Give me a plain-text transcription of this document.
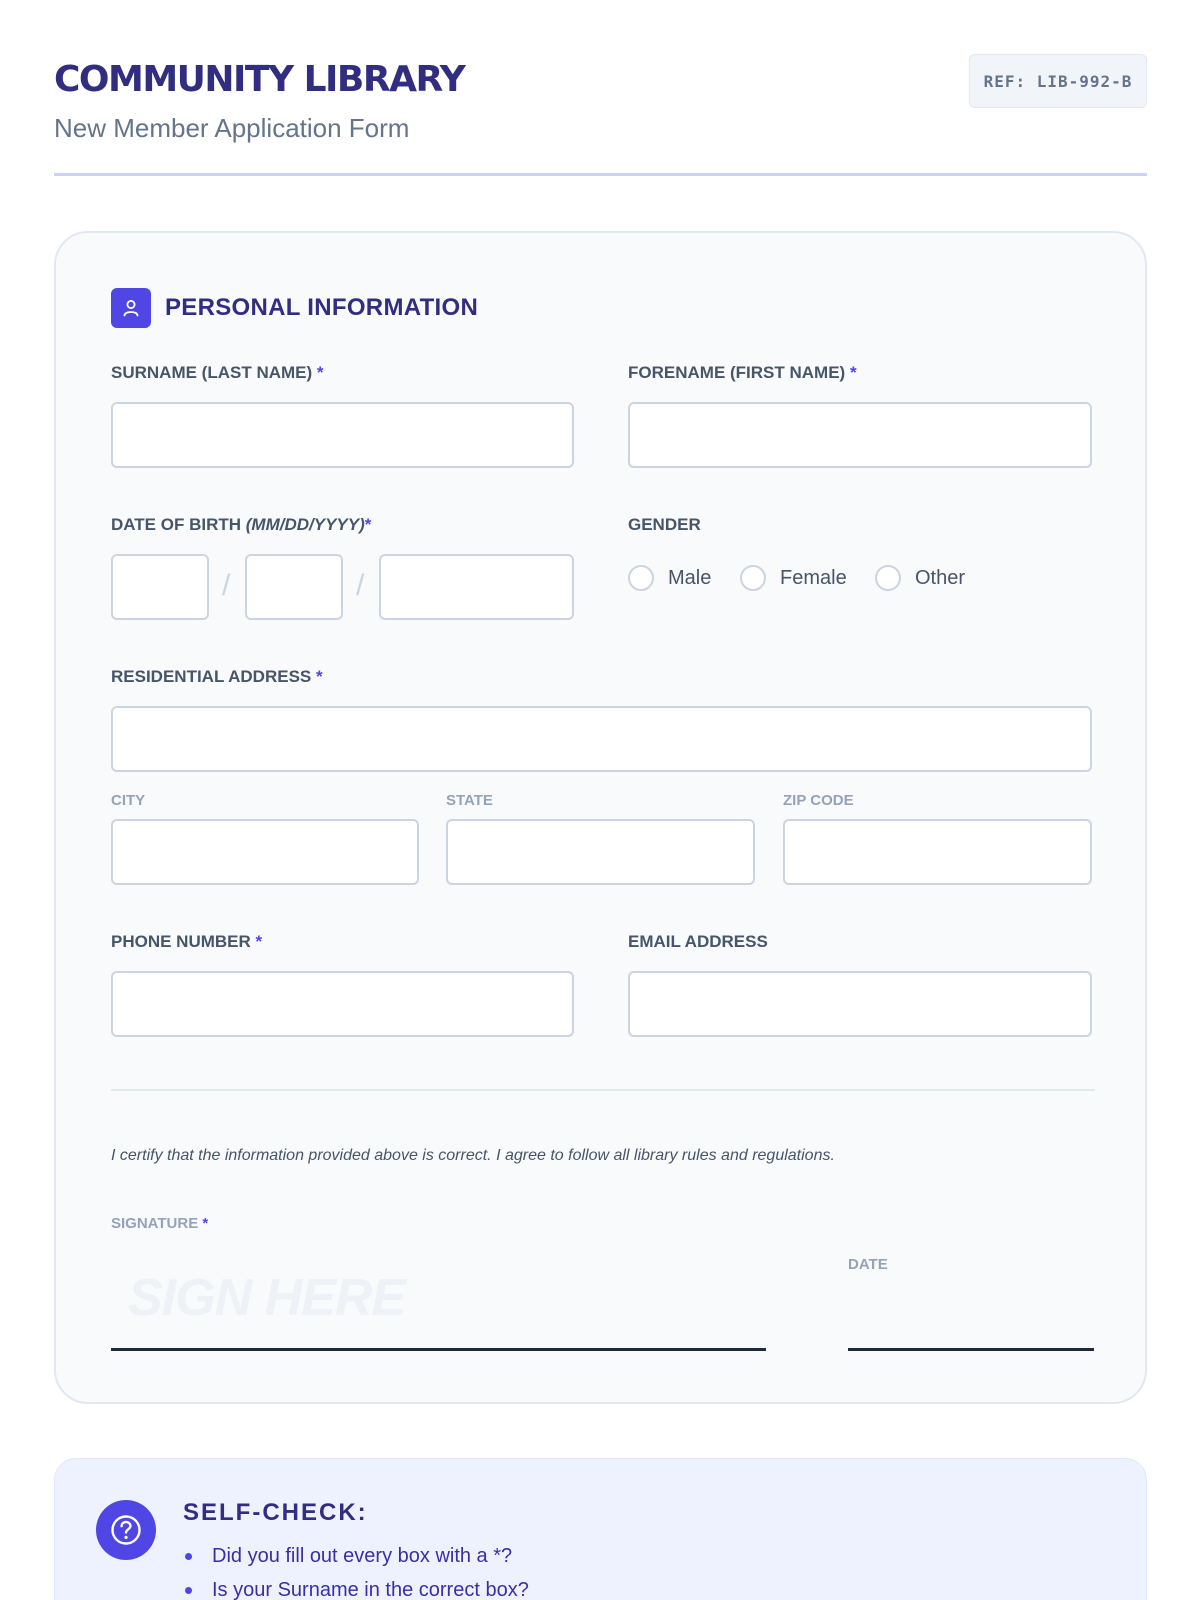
COMMUNITY LIBRARY
New Member Application Form
REF: LIB-992-B
PERSONAL INFORMATION
SURNAME (LAST NAME) *	FORENAME (FIRST NAME) *
DATE OF BIRTH (MM/DD/YYYY)*
/	/
GENDER
Male	Female	Other
RESIDENTIAL ADDRESS *
CITY	STATE	ZIP CODE
PHONE NUMBER *	EMAIL ADDRESS
I certify that the information provided above is correct. I agree to follow all library rules and regulations.
SIGNATURE *
SIGN HERE
DATE
SELF-CHECK:
Did you fill out every box with a *?
Is your Surname in the correct box?
